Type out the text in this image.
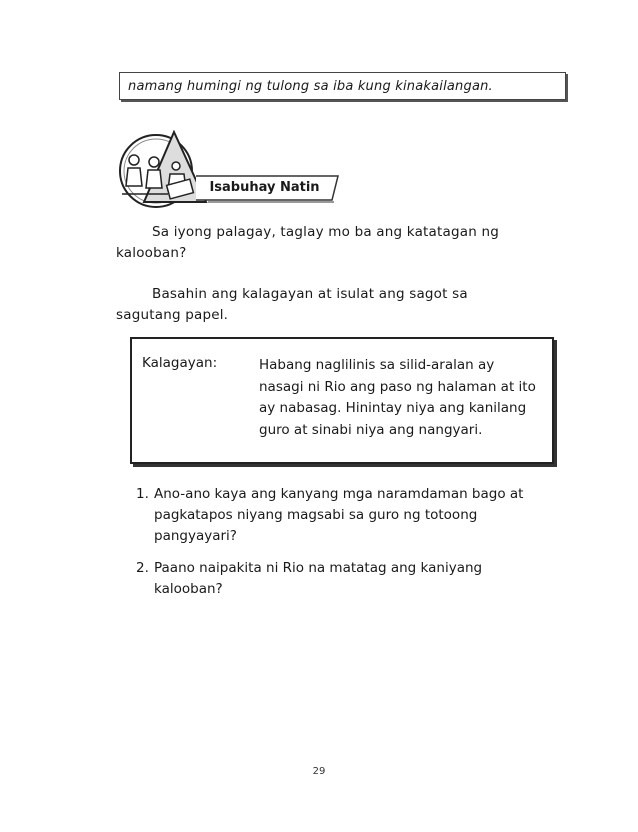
namang humingi ng tulong sa iba kung kinakailangan.
Isabuhay Natin
Sa iyong palagay, taglay mo ba ang katatagan ng kalooban?
Basahin ang kalagayan at isulat ang sagot sa sagutang papel.
Kalagayan:	Habang naglilinis sa silid-aralan ay nasagi ni Rio ang paso ng halaman at ito ay nabasag. Hinintay niya ang kanilang guro at sinabi niya ang nangyari.
1. Ano-ano kaya ang kanyang mga naramdaman bago at pagkatapos niyang magsabi sa guro ng totoong pangyayari?
2. Paano naipakita ni Rio na matatag ang kaniyang kalooban?
29
